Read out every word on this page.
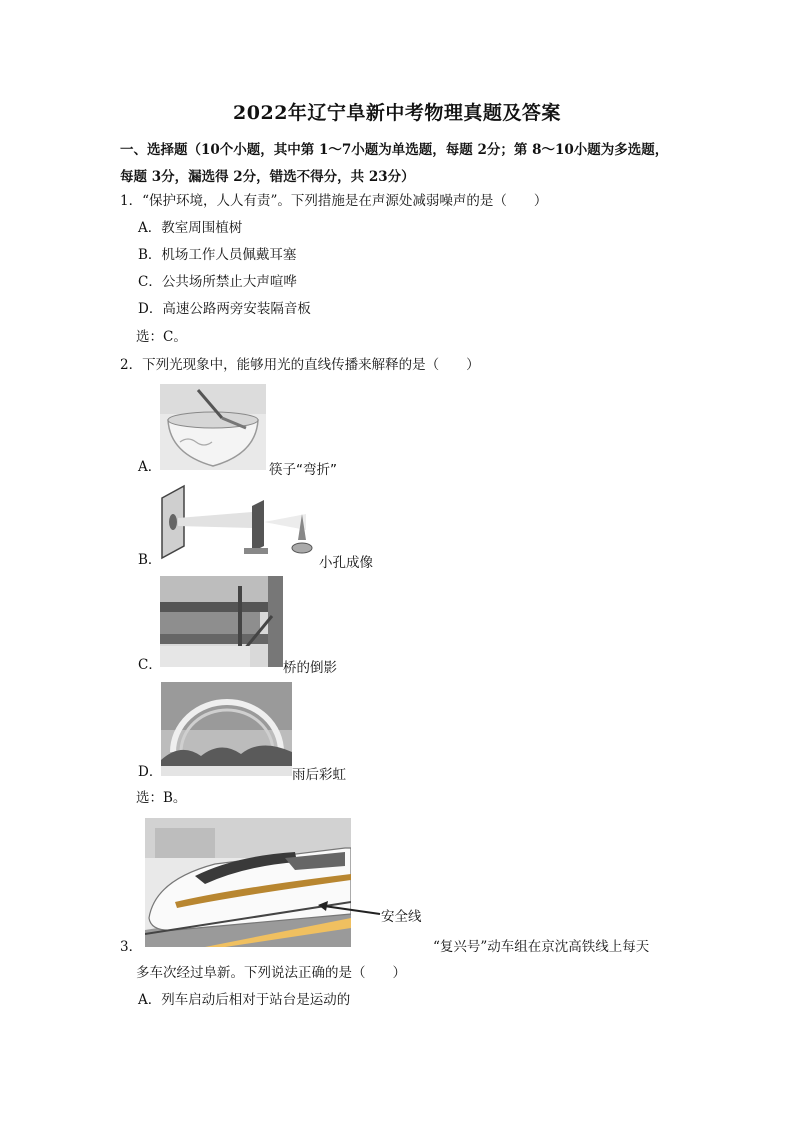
2022年辽宁阜新中考物理真题及答案
一、选择题（10个小题，其中第 1～7小题为单选题，每题 2分；第 8～10小题为多选题，
每题 3分，漏选得 2分，错选不得分，共 23分）
1．“保护环境，人人有责”。下列措施是在声源处减弱噪声的是（　　）
A．教室周围植树
B．机场工作人员佩戴耳塞
C．公共场所禁止大声喧哗
D．高速公路两旁安装隔音板
选：C。
2．下列光现象中，能够用光的直线传播来解释的是（　　）
A．	筷子“弯折”
B．	小孔成像
C．	桥的倒影
D．	雨后彩虹
选：B。
安全线
3．	“复兴号”动车组在京沈高铁线上每天
多车次经过阜新。下列说法正确的是（　　）
A．列车启动后相对于站台是运动的
